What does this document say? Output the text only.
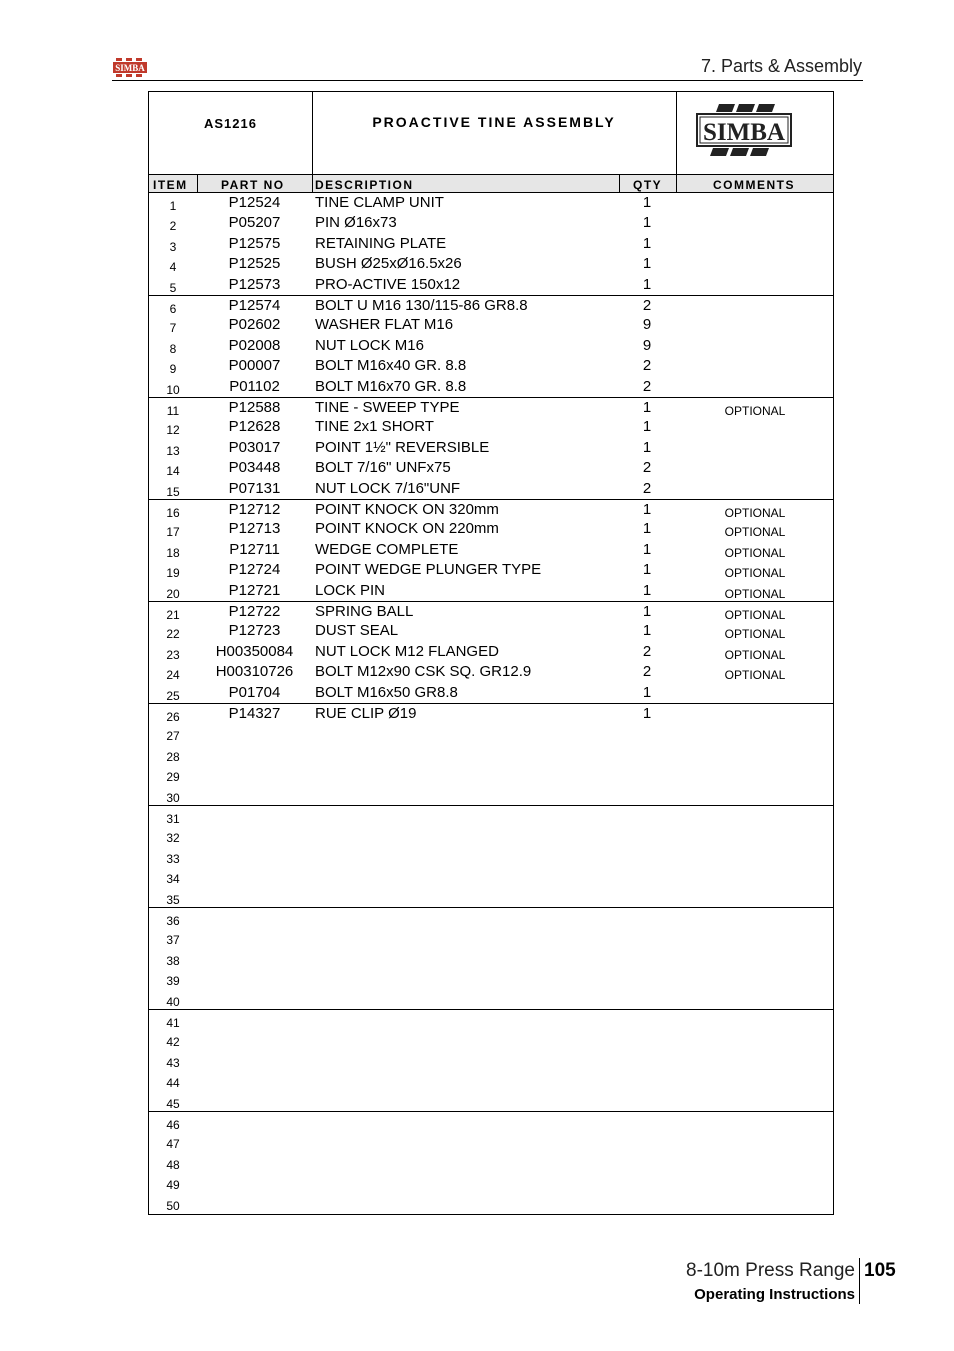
SIMBA	7. Parts & Assembly
AS1216	PROACTIVE TINE ASSEMBLY	SIMBA
ITEM	PART NO	DESCRIPTION	QTY	COMMENTS
1	P12524	TINE CLAMP UNIT	1
2	P05207	PIN Ø16x73	1
3	P12575	RETAINING PLATE	1
4	P12525	BUSH Ø25xØ16.5x26	1
5	P12573	PRO-ACTIVE 150x12	1
6	P12574	BOLT U M16 130/115-86 GR8.8	2
7	P02602	WASHER FLAT M16	9
8	P02008	NUT LOCK M16	9
9	P00007	BOLT M16x40 GR. 8.8	2
10	P01102	BOLT M16x70 GR. 8.8	2
11	P12588	TINE - SWEEP TYPE	1	OPTIONAL
12	P12628	TINE 2x1 SHORT	1
13	P03017	POINT 1½" REVERSIBLE	1
14	P03448	BOLT 7/16" UNFx75	2
15	P07131	NUT LOCK 7/16"UNF	2
16	P12712	POINT KNOCK ON 320mm	1	OPTIONAL
17	P12713	POINT KNOCK ON 220mm	1	OPTIONAL
18	P12711	WEDGE COMPLETE	1	OPTIONAL
19	P12724	POINT WEDGE PLUNGER TYPE	1	OPTIONAL
20	P12721	LOCK PIN	1	OPTIONAL
21	P12722	SPRING BALL	1	OPTIONAL
22	P12723	DUST SEAL	1	OPTIONAL
23	H00350084	NUT LOCK M12 FLANGED	2	OPTIONAL
24	H00310726	BOLT M12x90 CSK SQ. GR12.9	2	OPTIONAL
25	P01704	BOLT M16x50 GR8.8	1
26	P14327	RUE CLIP Ø19	1
27
28
29
30
31
32
33
34
35
36
37
38
39
40
41
42
43
44
45
46
47
48
49
50
8-10m Press Range 105
Operating Instructions
